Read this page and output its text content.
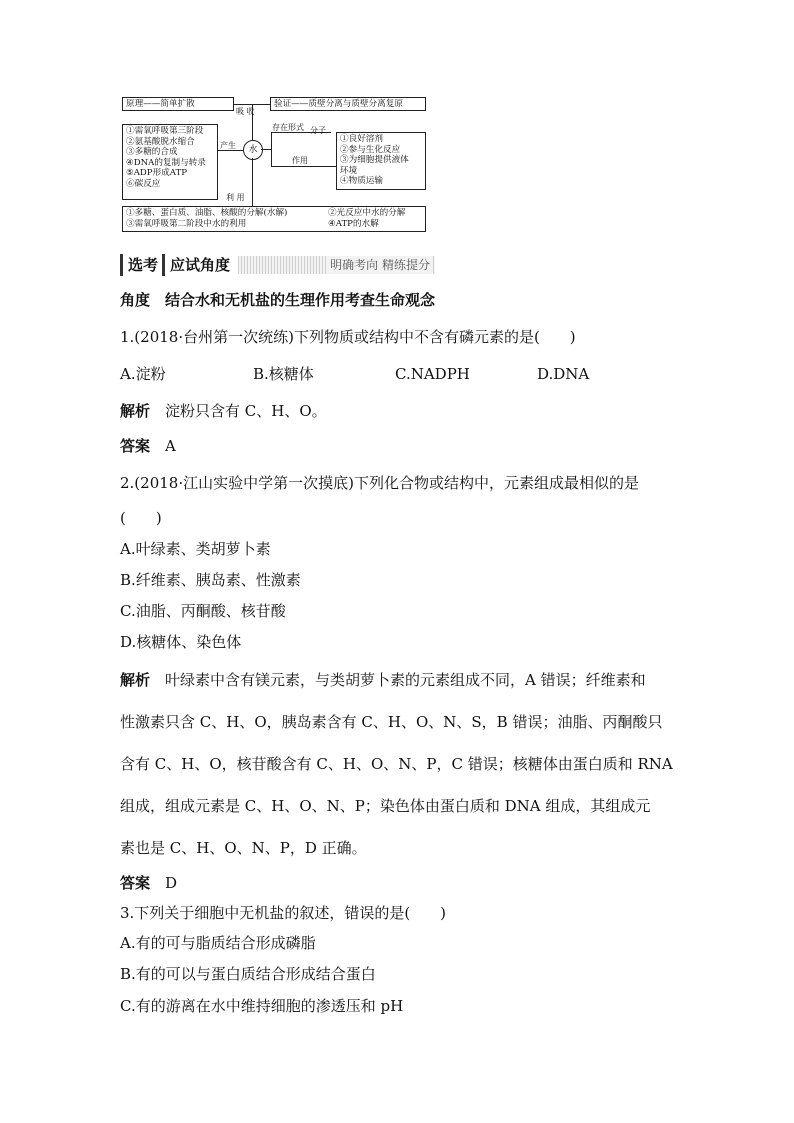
原理——简单扩散	验证——质壁分离与质壁分离复原
吸 收
①需氧呼吸第三阶段
②氨基酸脱水缩合
③多糖的合成
④DNA的复制与转录
⑤ADP形成ATP
⑥碳反应
产生	水
存在形式 分子
作用
①良好溶剂
②参与生化反应
③为细胞提供液体
环境
④物质运输
利 用
①多糖、蛋白质、油脂、核酸的分解(水解)	②光反应中水的分解
③需氧呼吸第二阶段中水的利用	④ATP的水解
选考 应试角度	明确考向 精练提分
角度　结合水和无机盐的生理作用考查生命观念
1.(2018·台州第一次统练)下列物质或结构中不含有磷元素的是(　　)
A.淀粉	B.核糖体	C.NADPH	D.DNA
解析　 淀粉只含有 C、H、O。
答案　 A
2.(2018·江山实验中学第一次摸底)下列化合物或结构中，元素组成最相似的是
(　　)
A.叶绿素、类胡萝卜素
B.纤维素、胰岛素、性激素
C.油脂、丙酮酸、核苷酸
D.核糖体、染色体
解析　 叶绿素中含有镁元素，与类胡萝卜素的元素组成不同，A 错误；纤维素和
性激素只含 C、H、O，胰岛素含有 C、H、O、N、S，B 错误；油脂、丙酮酸只
含有 C、H、O，核苷酸含有 C、H、O、N、P，C 错误；核糖体由蛋白质和 RNA
组成，组成元素是 C、H、O、N、P；染色体由蛋白质和 DNA 组成，其组成元
素也是 C、H、O、N、P，D 正确。
答案　 D
3.下列关于细胞中无机盐的叙述，错误的是(　　)
A.有的可与脂质结合形成磷脂
B.有的可以与蛋白质结合形成结合蛋白
C.有的游离在水中维持细胞的渗透压和 pH
